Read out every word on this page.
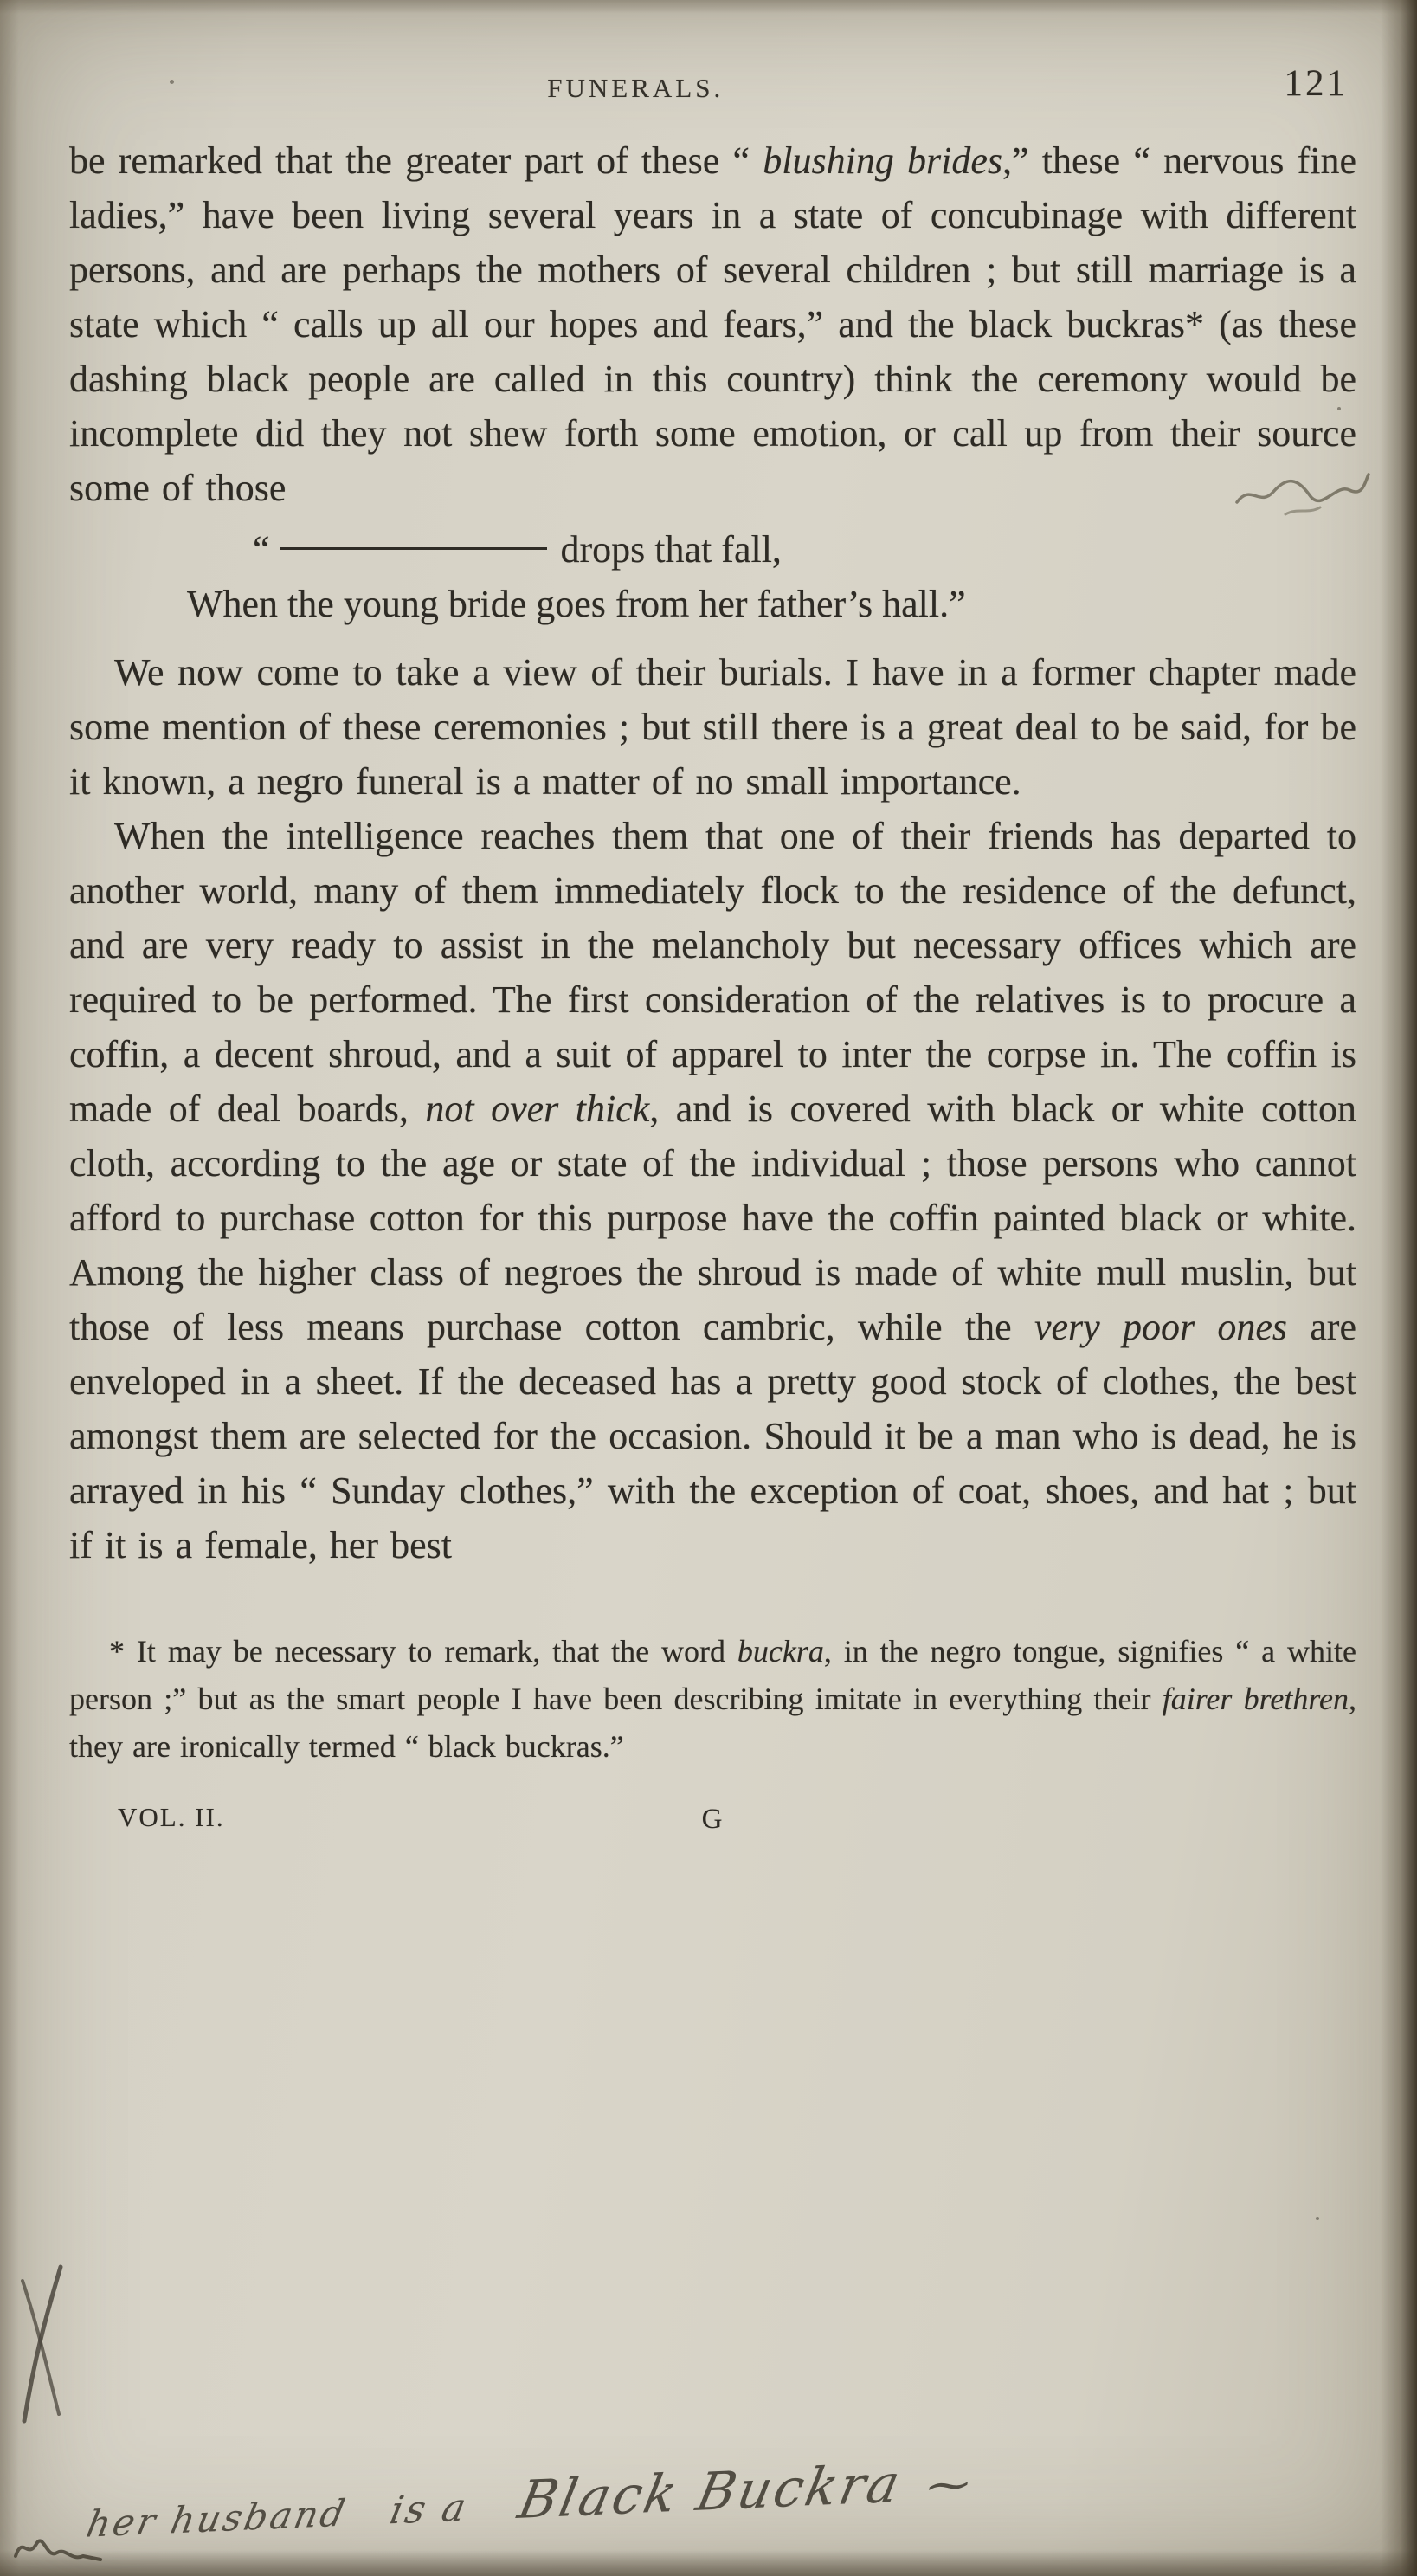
FUNERALS.	121

be remarked that the greater part of these “ blushing brides,” these “ nervous fine ladies,” have been living several years in a state of concubinage with different persons, and are perhaps the mothers of several children ; but still marriage is a state which “ calls up all our hopes and fears,” and the black buckras* (as these dashing black people are called in this country) think the ceremony would be incomplete did they not shew forth some emotion, or call up from their source some of those

“	drops that fall,
When the young bride goes from her father’s hall.”

We now come to take a view of their burials. I have in a former chapter made some mention of these ceremonies ; but still there is a great deal to be said, for be it known, a negro funeral is a matter of no small importance.

When the intelligence reaches them that one of their friends has departed to another world, many of them immediately flock to the residence of the defunct, and are very ready to assist in the melancholy but necessary offices which are required to be performed. The first consideration of the relatives is to procure a coffin, a decent shroud, and a suit of apparel to inter the corpse in. The coffin is made of deal boards, not over thick, and is covered with black or white cotton cloth, according to the age or state of the individual ; those persons who cannot afford to purchase cotton for this purpose have the coffin painted black or white. Among the higher class of negroes the shroud is made of white mull muslin, but those of less means purchase cotton cambric, while the very poor ones are enveloped in a sheet. If the deceased has a pretty good stock of clothes, the best amongst them are selected for the occasion. Should it be a man who is dead, he is arrayed in his “ Sunday clothes,” with the exception of coat, shoes, and hat ; but if it is a female, her best

* It may be necessary to remark, that the word buckra, in the negro tongue, signifies “ a white person ;” but as the smart people I have been describing imitate in everything their fairer brethren, they are ironically termed “ black buckras.”

VOL. II.	G
her husband is a Black Buckra ⁓
